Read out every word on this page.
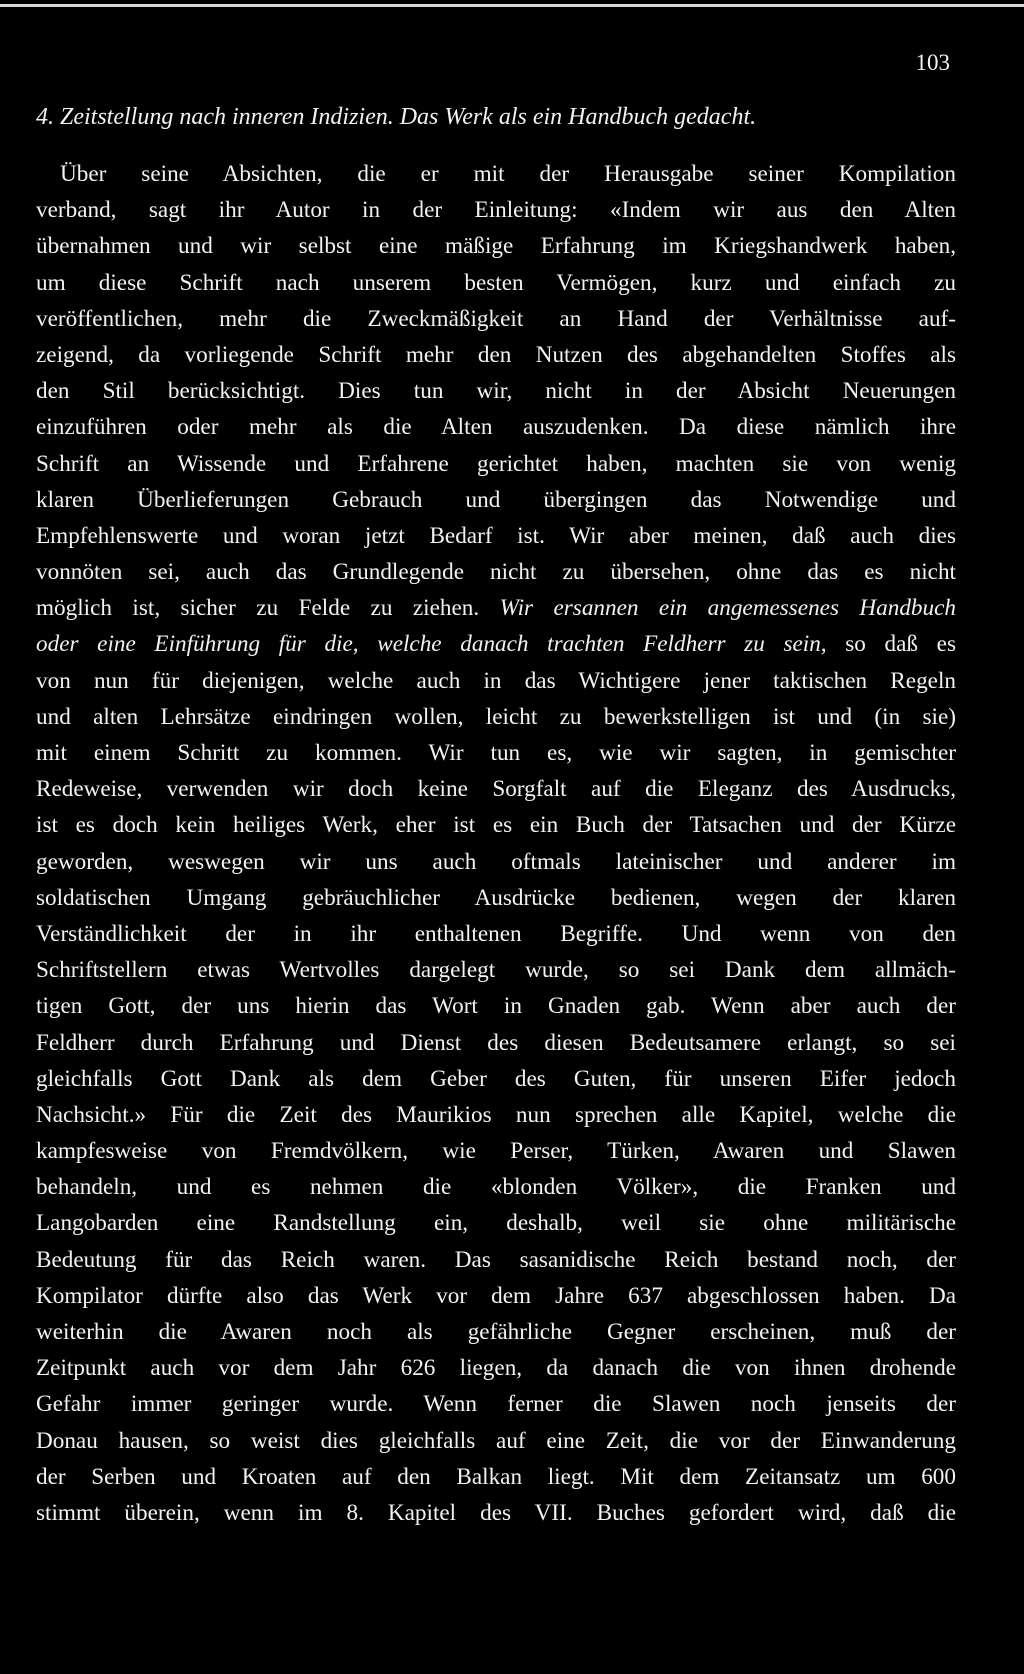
103
4. Zeitstellung nach inneren Indizien. Das Werk als ein Handbuch gedacht.
Über seine Absichten, die er mit der Herausgabe seiner Kompilation
verband, sagt ihr Autor in der Einleitung: «Indem wir aus den Alten
übernahmen und wir selbst eine mäßige Erfahrung im Kriegshandwerk haben,
um diese Schrift nach unserem besten Vermögen, kurz und einfach zu
veröffentlichen, mehr die Zweckmäßigkeit an Hand der Verhältnisse auf-
zeigend, da vorliegende Schrift mehr den Nutzen des abgehandelten Stoffes als
den Stil berücksichtigt. Dies tun wir, nicht in der Absicht Neuerungen
einzuführen oder mehr als die Alten auszudenken. Da diese nämlich ihre
Schrift an Wissende und Erfahrene gerichtet haben, machten sie von wenig
klaren Überlieferungen Gebrauch und übergingen das Notwendige und
Empfehlenswerte und woran jetzt Bedarf ist. Wir aber meinen, daß auch dies
vonnöten sei, auch das Grundlegende nicht zu übersehen, ohne das es nicht
möglich ist, sicher zu Felde zu ziehen. Wir ersannen ein angemessenes Handbuch
oder eine Einführung für die, welche danach trachten Feldherr zu sein, so daß es
von nun für diejenigen, welche auch in das Wichtigere jener taktischen Regeln
und alten Lehrsätze eindringen wollen, leicht zu bewerkstelligen ist und (in sie)
mit einem Schritt zu kommen. Wir tun es, wie wir sagten, in gemischter
Redeweise, verwenden wir doch keine Sorgfalt auf die Eleganz des Ausdrucks,
ist es doch kein heiliges Werk, eher ist es ein Buch der Tatsachen und der Kürze
geworden, weswegen wir uns auch oftmals lateinischer und anderer im
soldatischen Umgang gebräuchlicher Ausdrücke bedienen, wegen der klaren
Verständlichkeit der in ihr enthaltenen Begriffe. Und wenn von den
Schriftstellern etwas Wertvolles dargelegt wurde, so sei Dank dem allmäch-
tigen Gott, der uns hierin das Wort in Gnaden gab. Wenn aber auch der
Feldherr durch Erfahrung und Dienst des diesen Bedeutsamere erlangt, so sei
gleichfalls Gott Dank als dem Geber des Guten, für unseren Eifer jedoch
Nachsicht.» Für die Zeit des Maurikios nun sprechen alle Kapitel, welche die
kampfesweise von Fremdvölkern, wie Perser, Türken, Awaren und Slawen
behandeln, und es nehmen die «blonden Völker», die Franken und
Langobarden eine Randstellung ein, deshalb, weil sie ohne militärische
Bedeutung für das Reich waren. Das sasanidische Reich bestand noch, der
Kompilator dürfte also das Werk vor dem Jahre 637 abgeschlossen haben. Da
weiterhin die Awaren noch als gefährliche Gegner erscheinen, muß der
Zeitpunkt auch vor dem Jahr 626 liegen, da danach die von ihnen drohende
Gefahr immer geringer wurde. Wenn ferner die Slawen noch jenseits der
Donau hausen, so weist dies gleichfalls auf eine Zeit, die vor der Einwanderung
der Serben und Kroaten auf den Balkan liegt. Mit dem Zeitansatz um 600
stimmt überein, wenn im 8. Kapitel des VII. Buches gefordert wird, daß die
